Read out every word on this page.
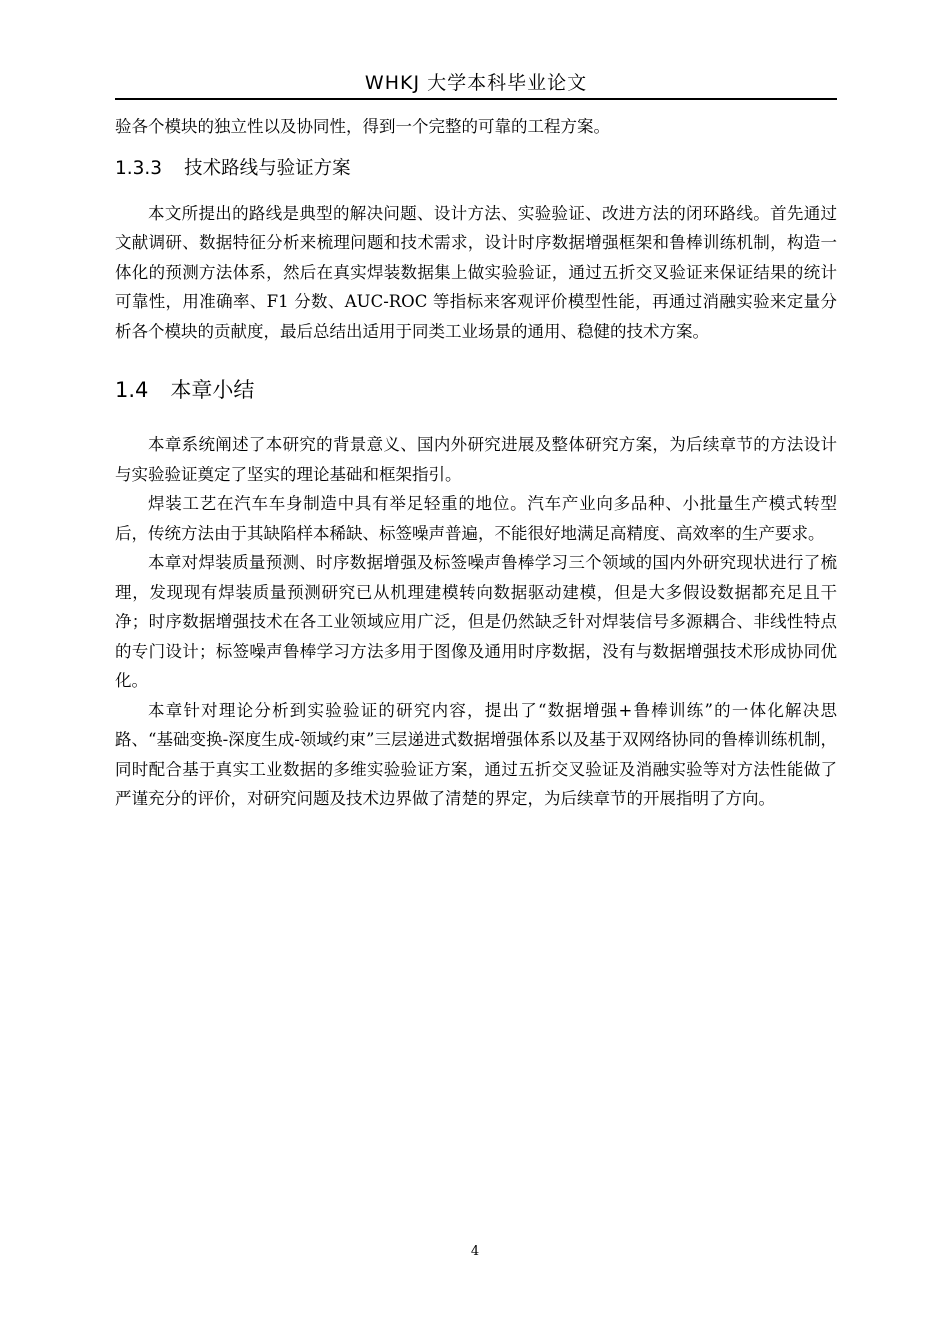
WHKJ 大学本科毕业论文

验各个模块的独立性以及协同性，得到一个完整的可靠的工程方案。

1.3.3 技术路线与验证方案

本文所提出的路线是典型的解决问题、设计方法、实验验证、改进方法的闭环路线。首先通过文献调研、数据特征分析来梳理问题和技术需求，设计时序数据增强框架和鲁棒训练机制，构造一体化的预测方法体系，然后在真实焊装数据集上做实验验证，通过五折交叉验证来保证结果的统计可靠性，用准确率、F1 分数、AUC-ROC 等指标来客观评价模型性能，再通过消融实验来定量分析各个模块的贡献度，最后总结出适用于同类工业场景的通用、稳健的技术方案。

1.4 本章小结

本章系统阐述了本研究的背景意义、国内外研究进展及整体研究方案，为后续章节的方法设计与实验验证奠定了坚实的理论基础和框架指引。

焊装工艺在汽车车身制造中具有举足轻重的地位。汽车产业向多品种、小批量生产模式转型后，传统方法由于其缺陷样本稀缺、标签噪声普遍，不能很好地满足高精度、高效率的生产要求。

本章对焊装质量预测、时序数据增强及标签噪声鲁棒学习三个领域的国内外研究现状进行了梳理，发现现有焊装质量预测研究已从机理建模转向数据驱动建模，但是大多假设数据都充足且干净；时序数据增强技术在各工业领域应用广泛，但是仍然缺乏针对焊装信号多源耦合、非线性特点的专门设计；标签噪声鲁棒学习方法多用于图像及通用时序数据，没有与数据增强技术形成协同优化。

本章针对理论分析到实验验证的研究内容，提出了“数据增强+鲁棒训练”的一体化解决思路、“基础变换-深度生成-领域约束”三层递进式数据增强体系以及基于双网络协同的鲁棒训练机制，同时配合基于真实工业数据的多维实验验证方案，通过五折交叉验证及消融实验等对方法性能做了严谨充分的评价，对研究问题及技术边界做了清楚的界定，为后续章节的开展指明了方向。

4
